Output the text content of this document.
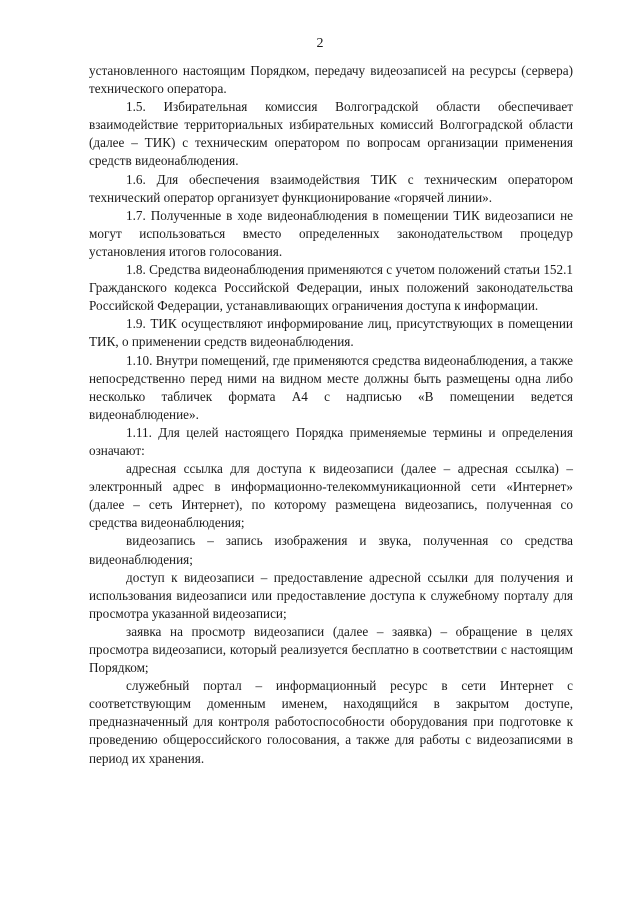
2

установленного настоящим Порядком, передачу видеозаписей на ресурсы (сервера) технического оператора.

1.5. Избирательная комиссия Волгоградской области обеспечивает взаимодействие территориальных избирательных комиссий Волгоградской области (далее – ТИК) с техническим оператором по вопросам организации применения средств видеонаблюдения.

1.6. Для обеспечения взаимодействия ТИК с техническим оператором технический оператор организует функционирование «горячей линии».

1.7. Полученные в ходе видеонаблюдения в помещении ТИК видеозаписи не могут использоваться вместо определенных законодательством процедур установления итогов голосования.

1.8. Средства видеонаблюдения применяются с учетом положений статьи 152.1 Гражданского кодекса Российской Федерации, иных положений законодательства Российской Федерации, устанавливающих ограничения доступа к информации.

1.9. ТИК осуществляют информирование лиц, присутствующих в помещении ТИК, о применении средств видеонаблюдения.

1.10. Внутри помещений, где применяются средства видеонаблюдения, а также непосредственно перед ними на видном месте должны быть размещены одна либо несколько табличек формата А4 с надписью «В помещении ведется видеонаблюдение».

1.11. Для целей настоящего Порядка применяемые термины и определения означают:

адресная ссылка для доступа к видеозаписи (далее – адресная ссылка) – электронный адрес в информационно-телекоммуникационной сети «Интернет» (далее – сеть Интернет), по которому размещена видеозапись, полученная со средства видеонаблюдения;

видеозапись – запись изображения и звука, полученная со средства видеонаблюдения;

доступ к видеозаписи – предоставление адресной ссылки для получения и использования видеозаписи или предоставление доступа к служебному порталу для просмотра указанной видеозаписи;

заявка на просмотр видеозаписи (далее – заявка) – обращение в целях просмотра видеозаписи, который реализуется бесплатно в соответствии с настоящим Порядком;

служебный портал – информационный ресурс в сети Интернет с соответствующим доменным именем, находящийся в закрытом доступе, предназначенный для контроля работоспособности оборудования при подготовке к проведению общероссийского голосования, а также для работы с видеозаписями в период их хранения.
